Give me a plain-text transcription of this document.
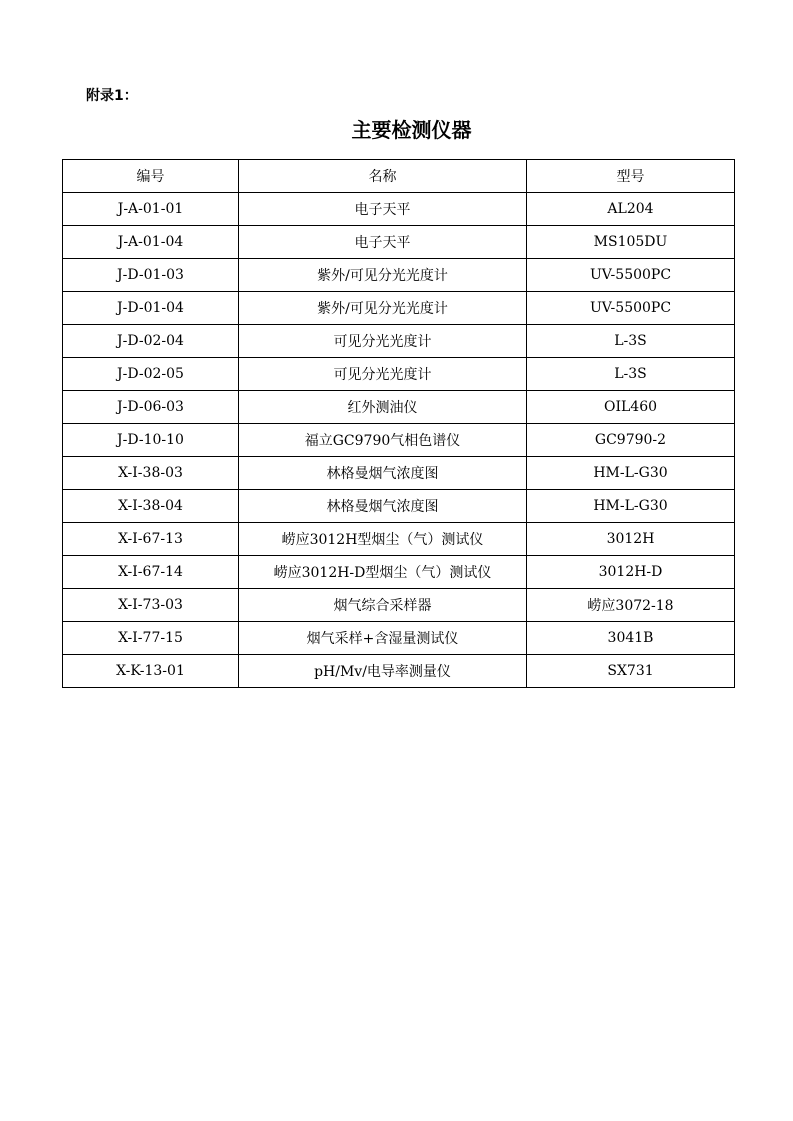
附录1：
主要检测仪器
编号	名称	型号
J-A-01-01	电子天平	AL204
J-A-01-04	电子天平	MS105DU
J-D-01-03	紫外/可见分光光度计	UV-5500PC
J-D-01-04	紫外/可见分光光度计	UV-5500PC
J-D-02-04	可见分光光度计	L-3S
J-D-02-05	可见分光光度计	L-3S
J-D-06-03	红外测油仪	OIL460
J-D-10-10	福立GC9790气相色谱仪	GC9790-2
X-I-38-03	林格曼烟气浓度图	HM-L-G30
X-I-38-04	林格曼烟气浓度图	HM-L-G30
X-I-67-13	崂应3012H型烟尘（气）测试仪	3012H
X-I-67-14	崂应3012H-D型烟尘（气）测试仪	3012H-D
X-I-73-03	烟气综合采样器	崂应3072-18
X-I-77-15	烟气采样+含湿量测试仪	3041B
X-K-13-01	pH/Mv/电导率测量仪	SX731
